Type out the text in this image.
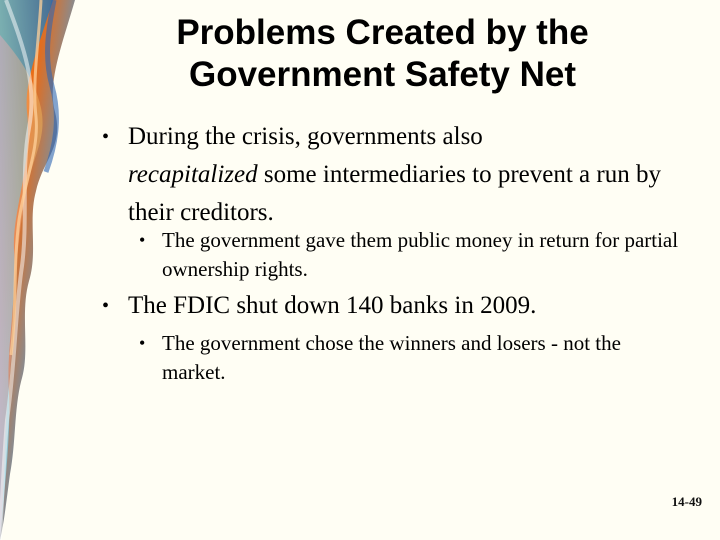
Problems Created by the
Government Safety Net
• During the crisis, governments also
recapitalized some intermediaries to prevent a run by their creditors.
• The government gave them public money in return for partial ownership rights.
• The FDIC shut down 140 banks in 2009.
• The government chose the winners and losers - not the market.
14-49
